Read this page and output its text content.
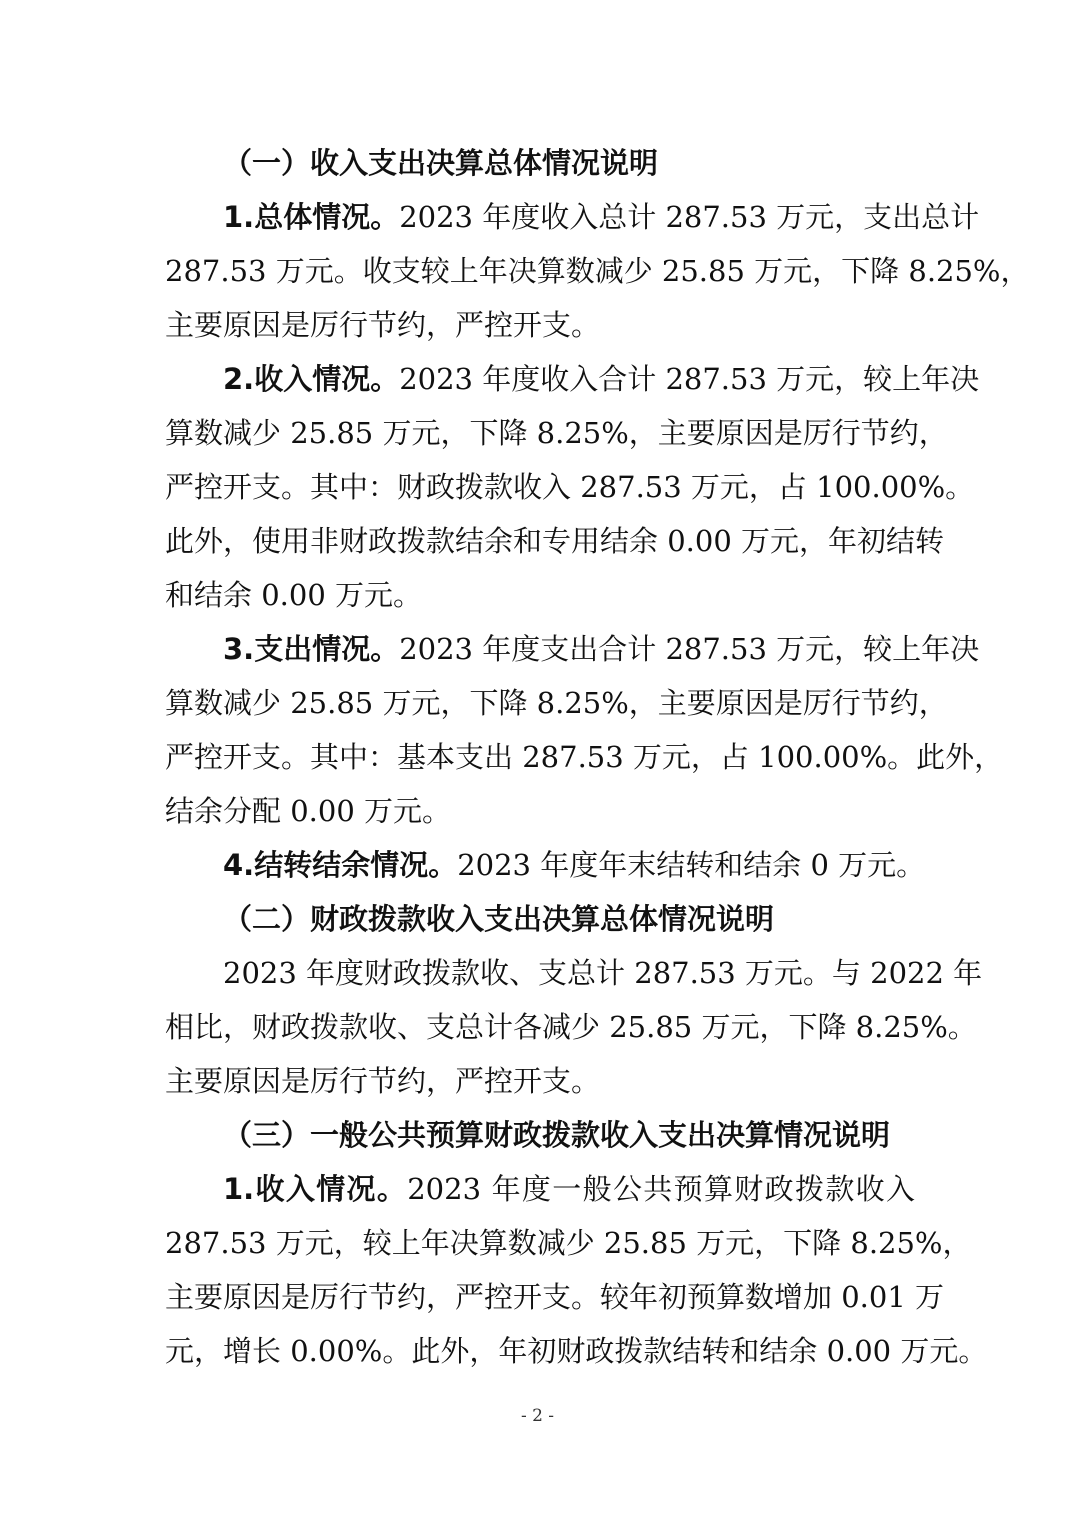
（一）收入支出决算总体情况说明
1.总体情况。2023 年度收入总计 287.53 万元，支出总计
287.53 万元。收支较上年决算数减少 25.85 万元，下降 8.25%，
主要原因是厉行节约，严控开支。
2.收入情况。2023 年度收入合计 287.53 万元，较上年决
算数减少 25.85 万元，下降 8.25%，主要原因是厉行节约，
严控开支。其中：财政拨款收入 287.53 万元，占 100.00%。
此外，使用非财政拨款结余和专用结余 0.00 万元，年初结转
和结余 0.00 万元。
3.支出情况。2023 年度支出合计 287.53 万元，较上年决
算数减少 25.85 万元，下降 8.25%，主要原因是厉行节约，
严控开支。其中：基本支出 287.53 万元，占 100.00%。此外，
结余分配 0.00 万元。
4.结转结余情况。2023 年度年末结转和结余 0 万元。
（二）财政拨款收入支出决算总体情况说明
2023 年度财政拨款收、支总计 287.53 万元。与 2022 年
相比，财政拨款收、支总计各减少 25.85 万元，下降 8.25%。
主要原因是厉行节约，严控开支。
（三）一般公共预算财政拨款收入支出决算情况说明
1.收入情况。2023 年度一般公共预算财政拨款收入
287.53 万元，较上年决算数减少 25.85 万元，下降 8.25%，
主要原因是厉行节约，严控开支。较年初预算数增加 0.01 万
元，增长 0.00%。此外，年初财政拨款结转和结余 0.00 万元。
- 2 -
